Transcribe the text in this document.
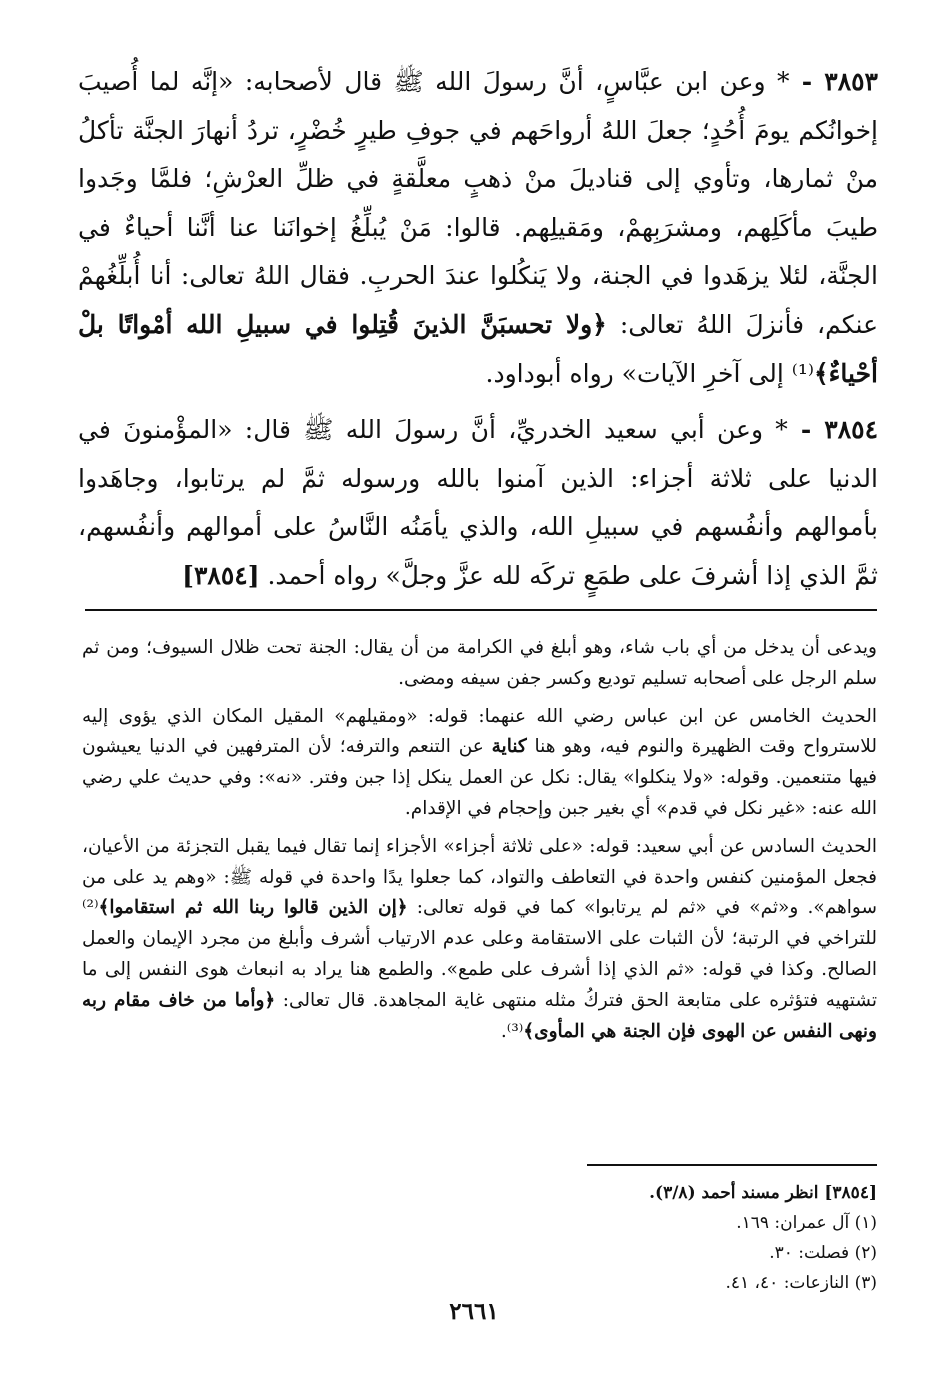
٣٨٥٣ - * وعن ابن عبَّاسٍ، أنَّ رسولَ الله ﷺ قال لأصحابه: «إنَّه لما أُصيبَ إخوانُكم يومَ أُحُدٍ؛ جعلَ اللهُ أرواحَهم في جوفِ طيرٍ خُضْرٍ، تردُ أنهارَ الجنَّة تأكلُ منْ ثمارها، وتأوي إلى قناديلَ منْ ذهبٍ معلَّقةٍ في ظلِّ العرْشِ؛ فلمَّا وجَدوا طيبَ مأكَلِهم، ومشرَبِهمْ، ومَقيلِهم. قالوا: مَنْ يُبلِّغُ إخوانَنا عنا أنَّنا أحياءٌ في الجنَّة، لئلا يزهَدوا في الجنة، ولا يَنكُلوا عندَ الحربِ. فقال اللهُ تعالى: أنا أُبلِّغُهمْ عنكم، فأنزلَ اللهُ تعالى: ﴿ولا تحسبَنَّ الذينَ قُتِلوا في سبيلِ الله أمْواتًا بلْ أحْياءٌ﴾⁽¹⁾ إلى آخرِ الآيات» رواه أبوداود.

٣٨٥٤ - * وعن أبي سعيد الخدريِّ، أنَّ رسولَ الله ﷺ قال: «المؤْمنونَ في الدنيا على ثلاثة أجزاء: الذين آمنوا بالله ورسوله ثمَّ لم يرتابوا، وجاهَدوا بأموالهم وأنفُسهم في سبيلِ الله، والذي يأمَنُه النَّاسُ على أموالهم وأنفُسهم، ثمَّ الذي إذا أشرفَ على طمَعٍ تركَه لله عزَّ وجلَّ» رواه أحمد. [٣٨٥٤]

ويدعى أن يدخل من أي باب شاء، وهو أبلغ في الكرامة من أن يقال: الجنة تحت ظلال السيوف؛ ومن ثم سلم الرجل على أصحابه تسليم توديع وكسر جفن سيفه ومضى.

الحديث الخامس عن ابن عباس رضي الله عنهما: قوله: «ومقيلهم» المقيل المكان الذي يؤوى إليه للاسترواح وقت الظهيرة والنوم فيه، وهو هنا كناية عن التنعم والترفه؛ لأن المترفهين في الدنيا يعيشون فيها متنعمين. وقوله: «ولا ينكلوا» يقال: نكل عن العمل ينكل إذا جبن وفتر. «نه»: وفي حديث علي رضي الله عنه: «غير نكل في قدم» أي بغير جبن وإحجام في الإقدام.

الحديث السادس عن أبي سعيد: قوله: «على ثلاثة أجزاء» الأجزاء إنما تقال فيما يقبل التجزئة من الأعيان، فجعل المؤمنين كنفس واحدة في التعاطف والتواد، كما جعلوا يدًا واحدة في قوله ﷺ: «وهم يد على من سواهم». و«ثم» في «ثم لم يرتابوا» كما في قوله تعالى: ﴿إن الذين قالوا ربنا الله ثم استقاموا﴾⁽²⁾ للتراخي في الرتبة؛ لأن الثبات على الاستقامة وعلى عدم الارتياب أشرف وأبلغ من مجرد الإيمان والعمل الصالح. وكذا في قوله: «ثم الذي إذا أشرف على طمع». والطمع هنا يراد به انبعاث هوى النفس إلى ما تشتهيه فتؤثره على متابعة الحق فتركُ مثله منتهى غاية المجاهدة. قال تعالى: ﴿وأما من خاف مقام ربه ونهى النفس عن الهوى فإن الجنة هي المأوى﴾⁽³⁾.

[٣٨٥٤] انظر مسند أحمد (٣/٨).
(١) آل عمران: ١٦٩.
(٢) فصلت: ٣٠.
(٣) النازعات: ٤٠، ٤١.
٢٦٦١
